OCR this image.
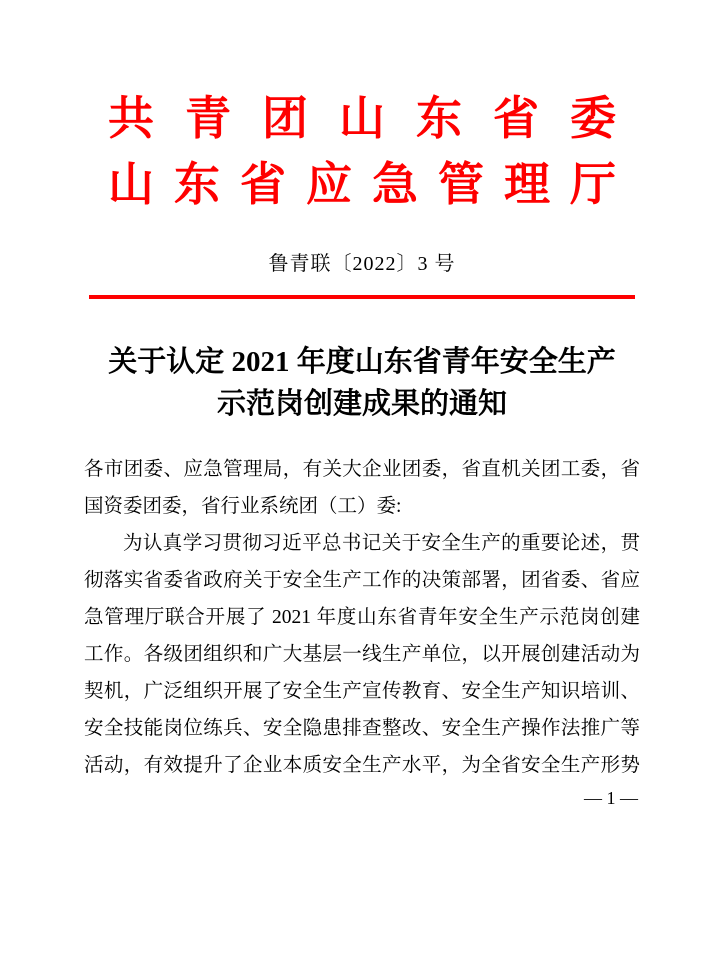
共 青 团 山 东 省 委
山 东 省 应 急 管 理 厅
鲁青联〔2022〕3 号
关于认定 2021 年度山东省青年安全生产
示范岗创建成果的通知
各市团委、应急管理局，有关大企业团委，省直机关团工委，省
国资委团委，省行业系统团（工）委:
为认真学习贯彻习近平总书记关于安全生产的重要论述，贯
彻落实省委省政府关于安全生产工作的决策部署，团省委、省应
急管理厅联合开展了 2021 年度山东省青年安全生产示范岗创建
工作。各级团组织和广大基层一线生产单位，以开展创建活动为
契机，广泛组织开展了安全生产宣传教育、安全生产知识培训、
安全技能岗位练兵、安全隐患排查整改、安全生产操作法推广等
活动，有效提升了企业本质安全生产水平，为全省安全生产形势
— 1 —
